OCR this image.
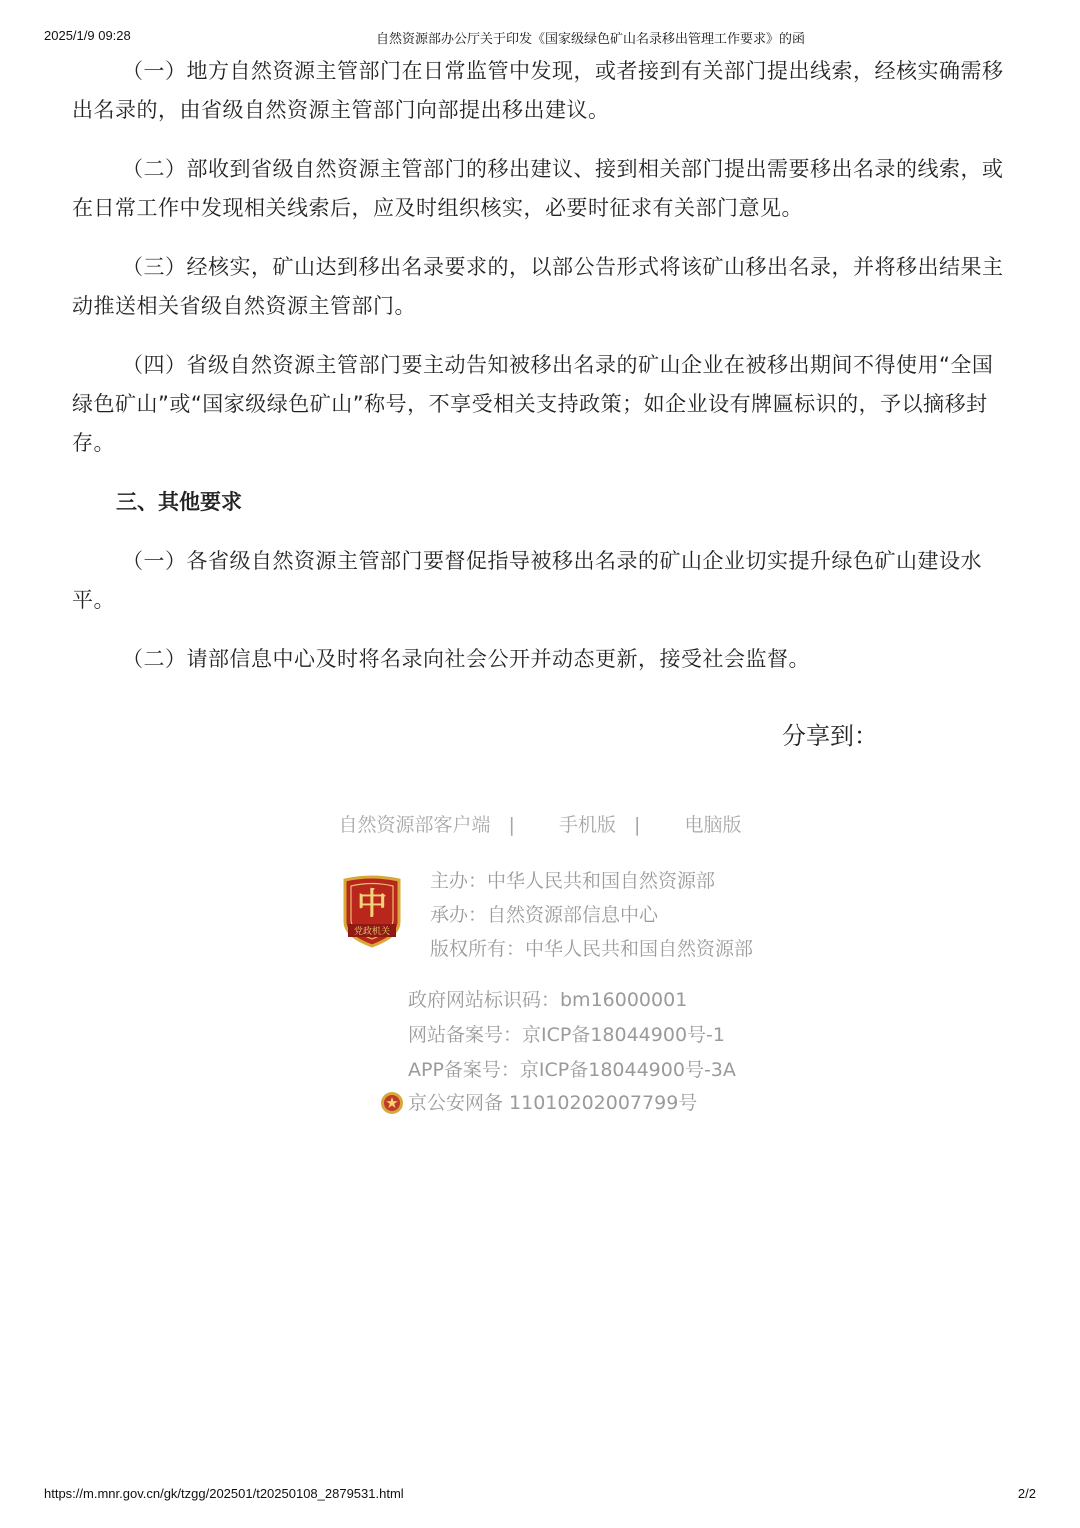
2025/1/9 09:28	自然资源部办公厅关于印发《国家级绿色矿山名录移出管理工作要求》的函

（一）地方自然资源主管部门在日常监管中发现，或者接到有关部门提出线索，经核实确需移出名录的，由省级自然资源主管部门向部提出移出建议。

（二）部收到省级自然资源主管部门的移出建议、接到相关部门提出需要移出名录的线索，或在日常工作中发现相关线索后，应及时组织核实，必要时征求有关部门意见。

（三）经核实，矿山达到移出名录要求的，以部公告形式将该矿山移出名录，并将移出结果主动推送相关省级自然资源主管部门。

（四）省级自然资源主管部门要主动告知被移出名录的矿山企业在被移出期间不得使用“全国绿色矿山”或“国家级绿色矿山”称号，不享受相关支持政策；如企业设有牌匾标识的，予以摘移封存。

三、其他要求

（一）各省级自然资源主管部门要督促指导被移出名录的矿山企业切实提升绿色矿山建设水平。

（二）请部信息中心及时将名录向社会公开并动态更新，接受社会监督。

分享到：
自然资源部客户端 | 手机版 | 电脑版
中
党政机关
主办：中华人民共和国自然资源部
承办：自然资源部信息中心
版权所有：中华人民共和国自然资源部
政府网站标识码：bm16000001
网站备案号：京ICP备18044900号-1
APP备案号：京ICP备18044900号-3A
京公安网备 11010202007799号
https://m.mnr.gov.cn/gk/tzgg/202501/t20250108_2879531.html	2/2
